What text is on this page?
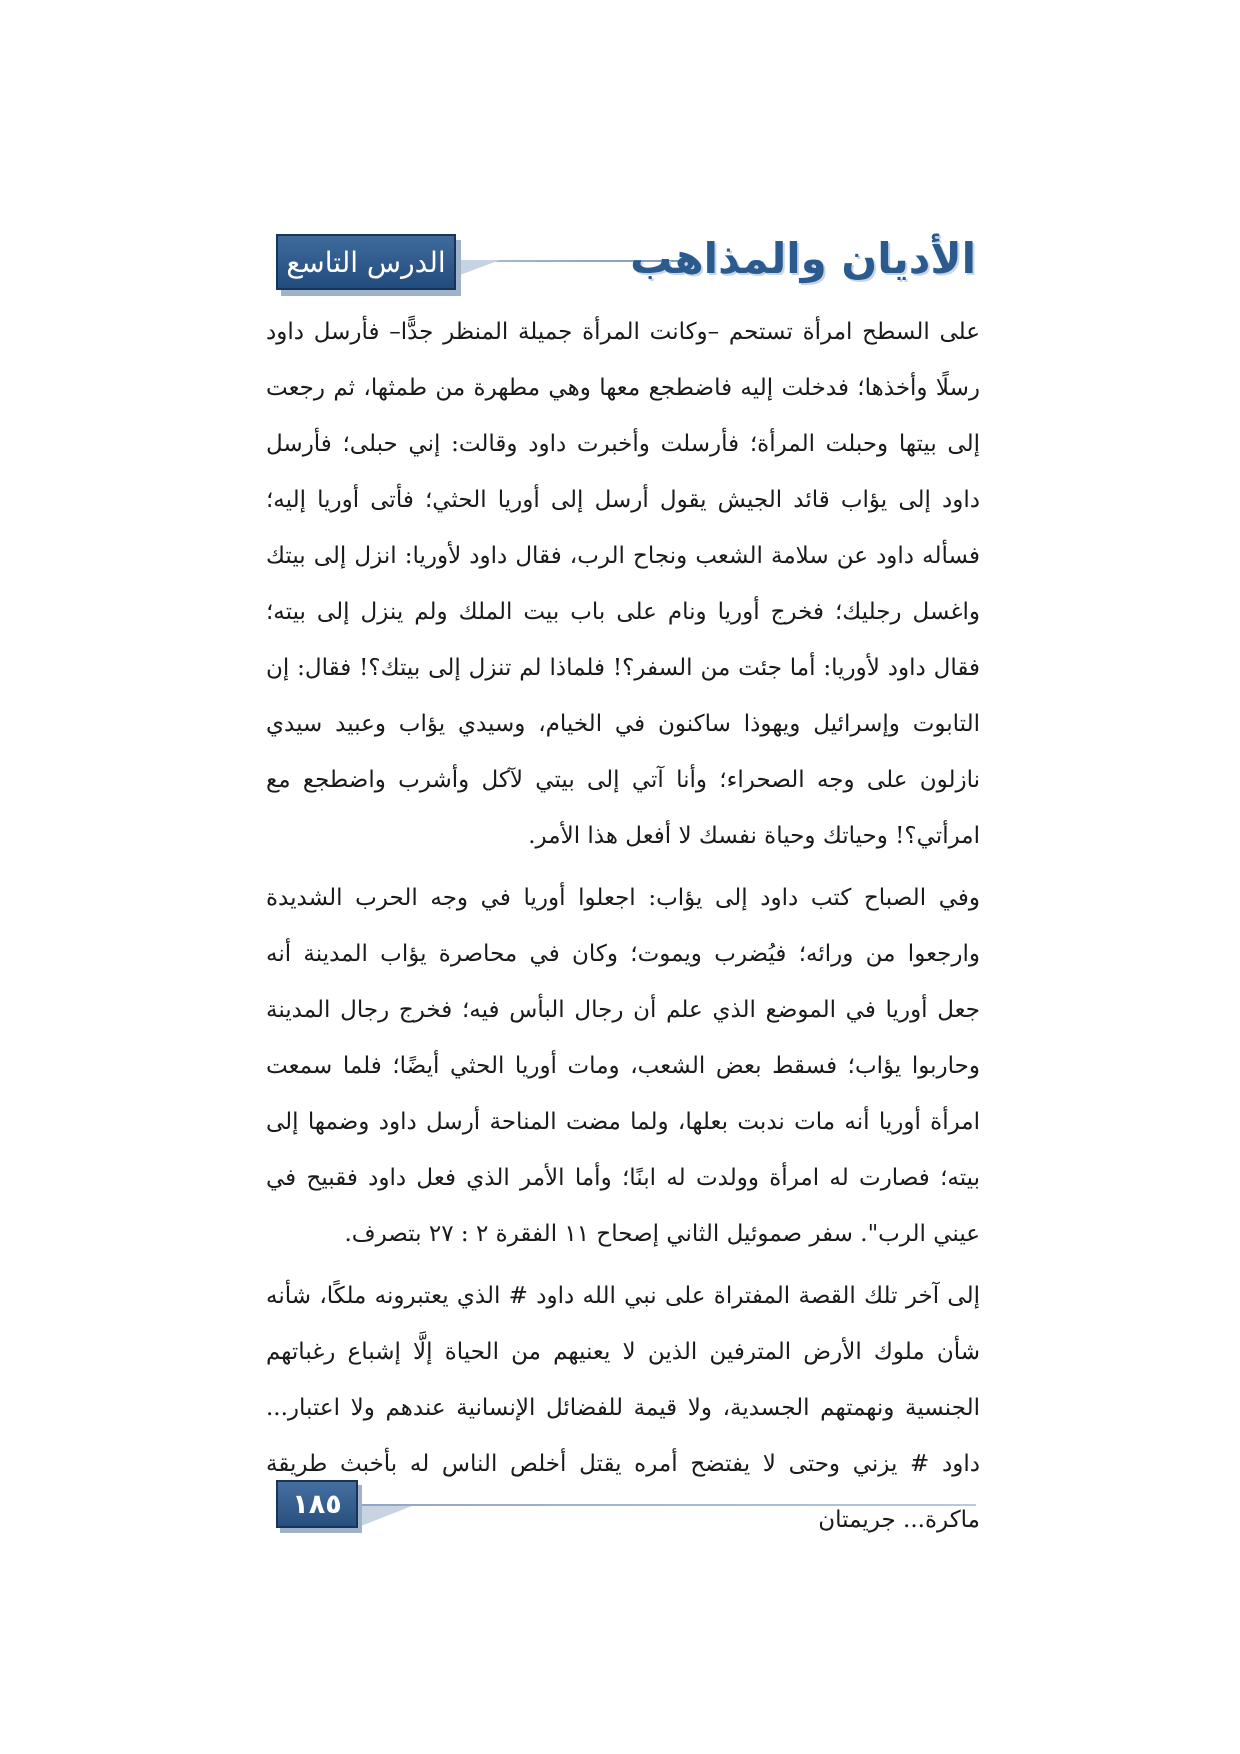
الدرس التاسع	الأديان والمذاهب

على السطح امرأة تستحم –وكانت المرأة جميلة المنظر جدًّا– فأرسل داود رسلًا وأخذها؛ فدخلت إليه فاضطجع معها وهي مطهرة من طمثها، ثم رجعت إلى بيتها وحبلت المرأة؛ فأرسلت وأخبرت داود وقالت: إني حبلى؛ فأرسل داود إلى يؤاب قائد الجيش يقول أرسل إلى أوريا الحثي؛ فأتى أوريا إليه؛ فسأله داود عن سلامة الشعب ونجاح الرب، فقال داود لأوريا: انزل إلى بيتك واغسل رجليك؛ فخرج أوريا ونام على باب بيت الملك ولم ينزل إلى بيته؛ فقال داود لأوريا: أما جئت من السفر؟! فلماذا لم تنزل إلى بيتك؟! فقال: إن التابوت وإسرائيل ويهوذا ساكنون في الخيام، وسيدي يؤاب وعبيد سيدي نازلون على وجه الصحراء؛ وأنا آتي إلى بيتي لآكل وأشرب واضطجع مع امرأتي؟! وحياتك وحياة نفسك لا أفعل هذا الأمر.

وفي الصباح كتب داود إلى يؤاب: اجعلوا أوريا في وجه الحرب الشديدة وارجعوا من ورائه؛ فيُضرب ويموت؛ وكان في محاصرة يؤاب المدينة أنه جعل أوريا في الموضع الذي علم أن رجال البأس فيه؛ فخرج رجال المدينة وحاربوا يؤاب؛ فسقط بعض الشعب، ومات أوريا الحثي أيضًا؛ فلما سمعت امرأة أوريا أنه مات ندبت بعلها، ولما مضت المناحة أرسل داود وضمها إلى بيته؛ فصارت له امرأة وولدت له ابنًا؛ وأما الأمر الذي فعل داود فقبيح في عيني الرب". سفر صموئيل الثاني إصحاح ١١ الفقرة ٢ : ٢٧ بتصرف.

إلى آخر تلك القصة المفتراة على نبي الله داود # الذي يعتبرونه ملكًا، شأنه شأن ملوك الأرض المترفين الذين لا يعنيهم من الحياة إلَّا إشباع رغباتهم الجنسية ونهمتهم الجسدية، ولا قيمة للفضائل الإنسانية عندهم ولا اعتبار... داود # يزني وحتى لا يفتضح أمره يقتل أخلص الناس له بأخبث طريقة ماكرة... جريمتان

١٨٥
